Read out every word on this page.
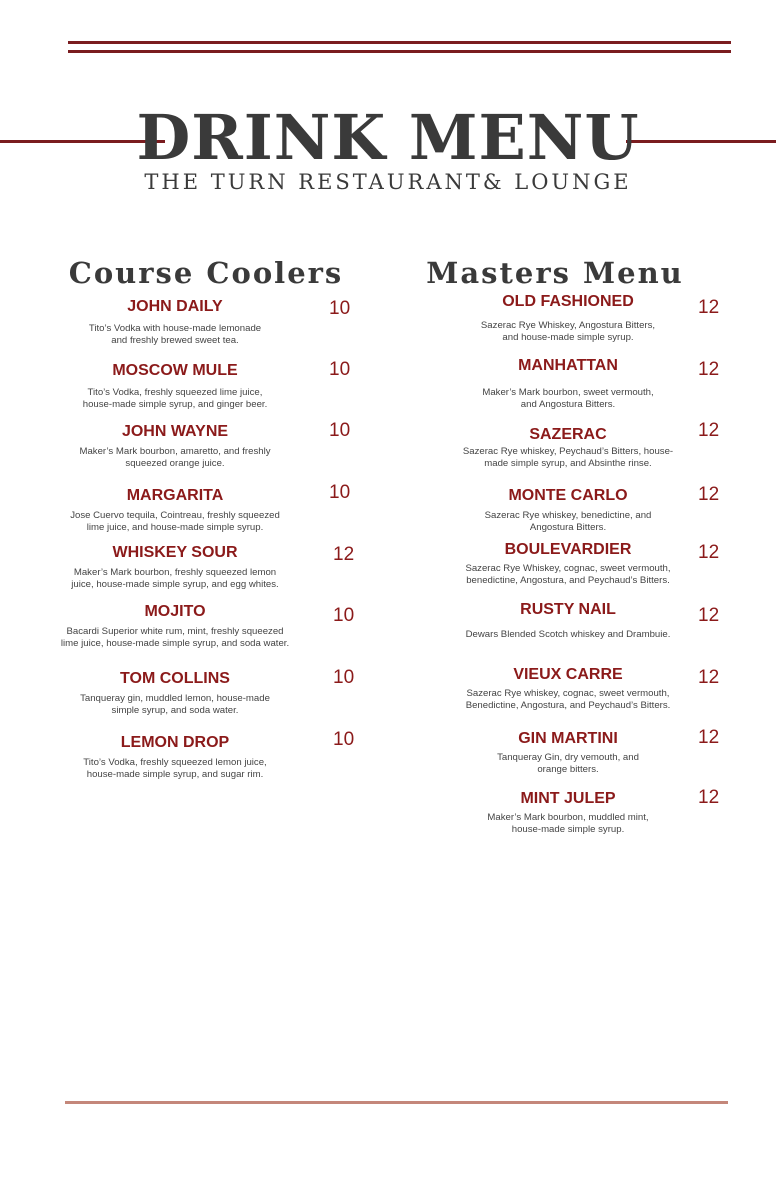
DRINK MENU
THE TURN RESTAURANT& LOUNGE
Course Coolers	Masters Menu
JOHN DAILY
Tito’s Vodka with house-made lemonade
and freshly brewed sweet tea.
10
MOSCOW MULE
Tito’s Vodka, freshly squeezed lime juice,
house-made simple syrup, and ginger beer.
10
JOHN WAYNE
Maker’s Mark bourbon, amaretto, and freshly
squeezed orange juice.
10
MARGARITA
Jose Cuervo tequila, Cointreau, freshly squeezed
lime juice, and house-made simple syrup.
10
WHISKEY SOUR
Maker’s Mark bourbon, freshly squeezed lemon
juice, house-made simple syrup, and egg whites.
12
MOJITO
Bacardi Superior white rum, mint, freshly squeezed
lime juice, house-made simple syrup, and soda water.
10
TOM COLLINS
Tanqueray gin, muddled lemon, house-made
simple syrup, and soda water.
10
LEMON DROP
Tito’s Vodka, freshly squeezed lemon juice,
house-made simple syrup, and sugar rim.
10
OLD FASHIONED
Sazerac Rye Whiskey, Angostura Bitters,
and house-made simple syrup.
12
MANHATTAN
Maker’s Mark bourbon, sweet vermouth,
and Angostura Bitters.
12
SAZERAC
Sazerac Rye whiskey, Peychaud’s Bitters, house-
made simple syrup, and Absinthe rinse.
12
MONTE CARLO
Sazerac Rye whiskey, benedictine, and
Angostura Bitters.
12
BOULEVARDIER
Sazerac Rye Whiskey, cognac, sweet vermouth,
benedictine, Angostura, and Peychaud’s Bitters.
12
RUSTY NAIL
Dewars Blended Scotch whiskey and Drambuie.
12
VIEUX CARRE
Sazerac Rye whiskey, cognac, sweet vermouth,
Benedictine, Angostura, and Peychaud’s Bitters.
12
GIN MARTINI
Tanqueray Gin, dry vemouth, and
orange bitters.
12
MINT JULEP
Maker’s Mark bourbon, muddled mint,
house-made simple syrup.
12
